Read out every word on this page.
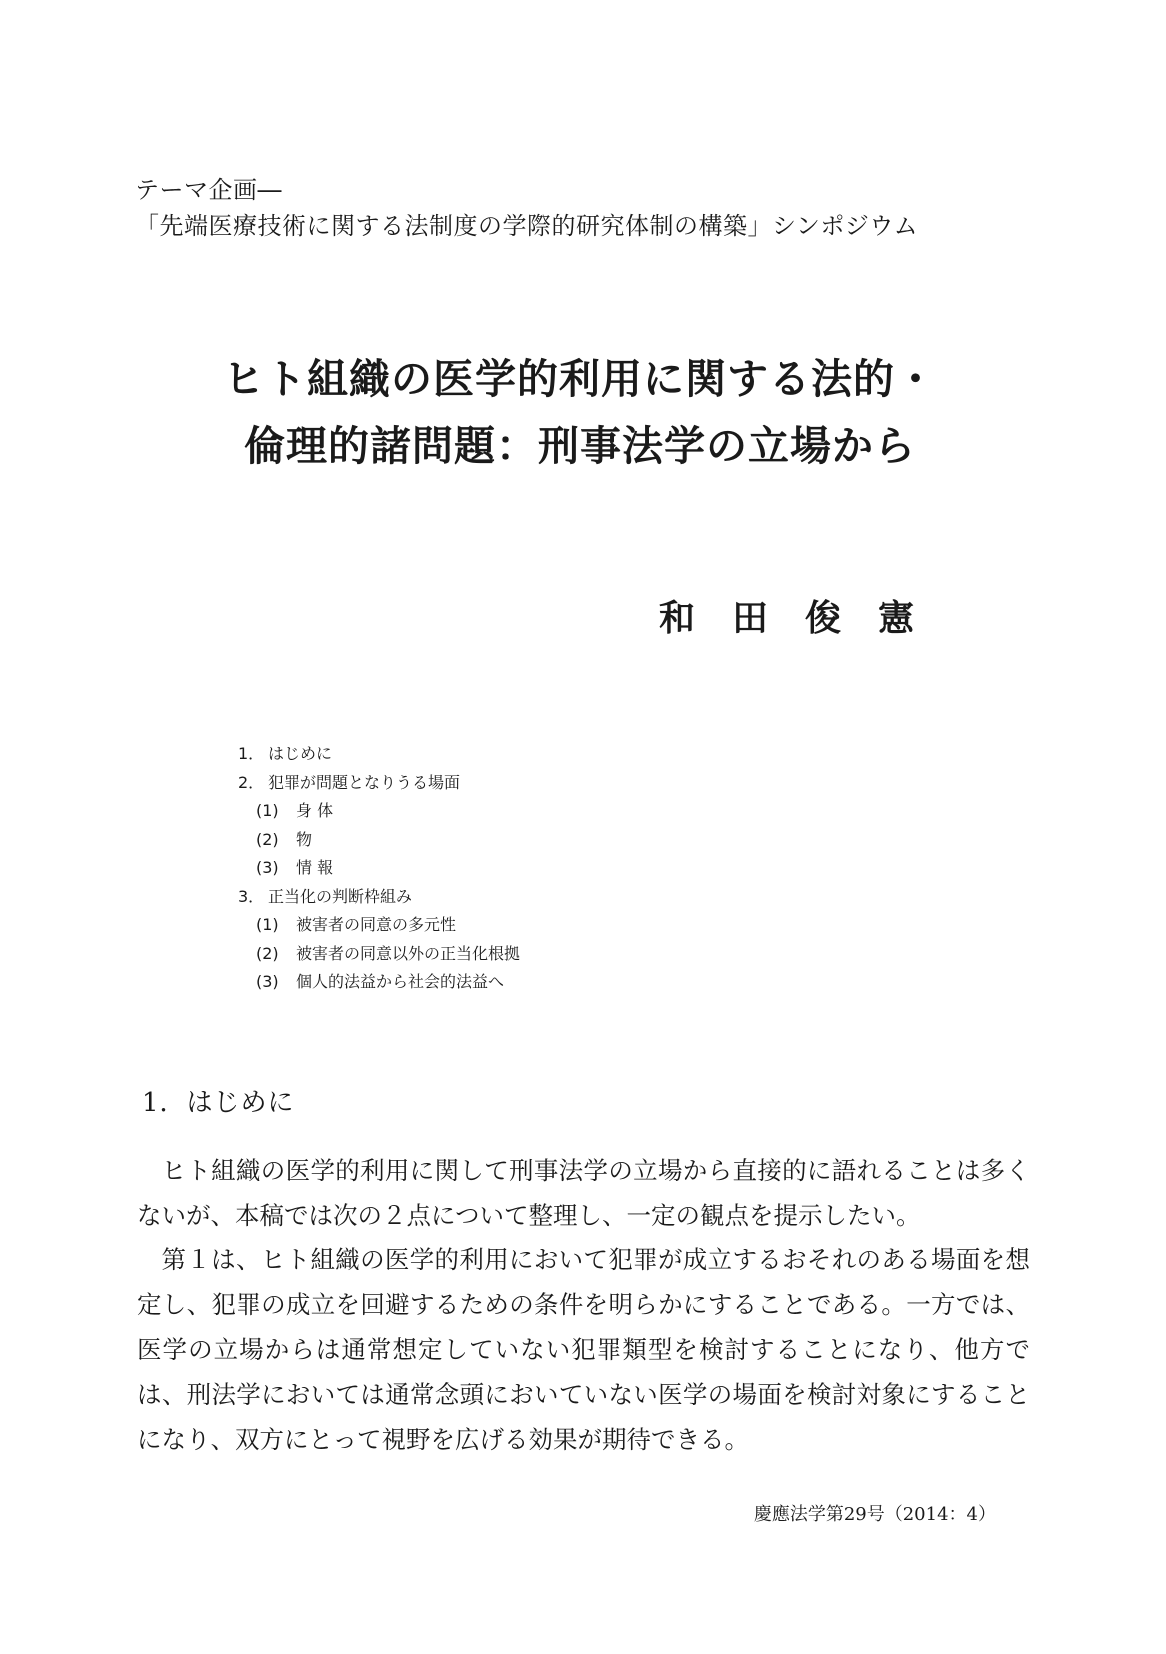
テーマ企画―
「先端医療技術に関する法制度の学際的研究体制の構築」シンポジウム
ヒト組織の医学的利用に関する法的・
倫理的諸問題：刑事法学の立場から
和田俊憲
1． はじめに
2． 犯罪が問題となりうる場面
(1) 身 体
(2) 物
(3) 情 報
3． 正当化の判断枠組み
(1) 被害者の同意の多元性
(2) 被害者の同意以外の正当化根拠
(3) 個人的法益から社会的法益へ
1．はじめに

ヒト組織の医学的利用に関して刑事法学の立場から直接的に語れることは多くないが、本稿では次の２点について整理し、一定の観点を提示したい。

第１は、ヒト組織の医学的利用において犯罪が成立するおそれのある場面を想定し、犯罪の成立を回避するための条件を明らかにすることである。一方では、医学の立場からは通常想定していない犯罪類型を検討することになり、他方では、刑法学においては通常念頭においていない医学の場面を検討対象にすることになり、双方にとって視野を広げる効果が期待できる。

慶應法学第29号（2014：4）
